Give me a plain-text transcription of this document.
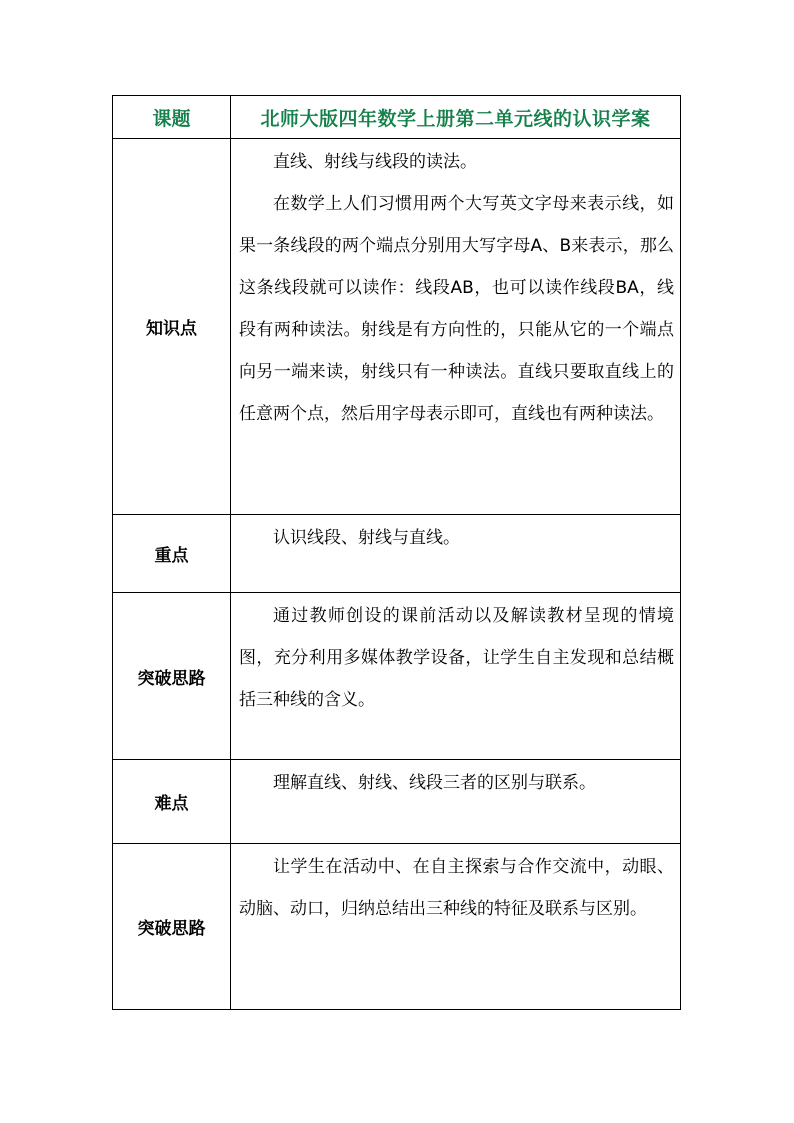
课题	北师大版四年数学上册第二单元线的认识学案
知识点	直线、射线与线段的读法。

在数学上人们习惯用两个大写英文字母来表示线，如果一条线段的两个端点分别用大写字母A、B来表示，那么这条线段就可以读作：线段AB，也可以读作线段BA，线段有两种读法。射线是有方向性的，只能从它的一个端点向另一端来读，射线只有一种读法。直线只要取直线上的任意两个点，然后用字母表示即可，直线也有两种读法。

重点	认识线段、射线与直线。

突破思路	通过教师创设的课前活动以及解读教材呈现的情境图，充分利用多媒体教学设备，让学生自主发现和总结概括三种线的含义。

难点	理解直线、射线、线段三者的区别与联系。

突破思路	让学生在活动中、在自主探索与合作交流中，动眼、动脑、动口，归纳总结出三种线的特征及联系与区别。
